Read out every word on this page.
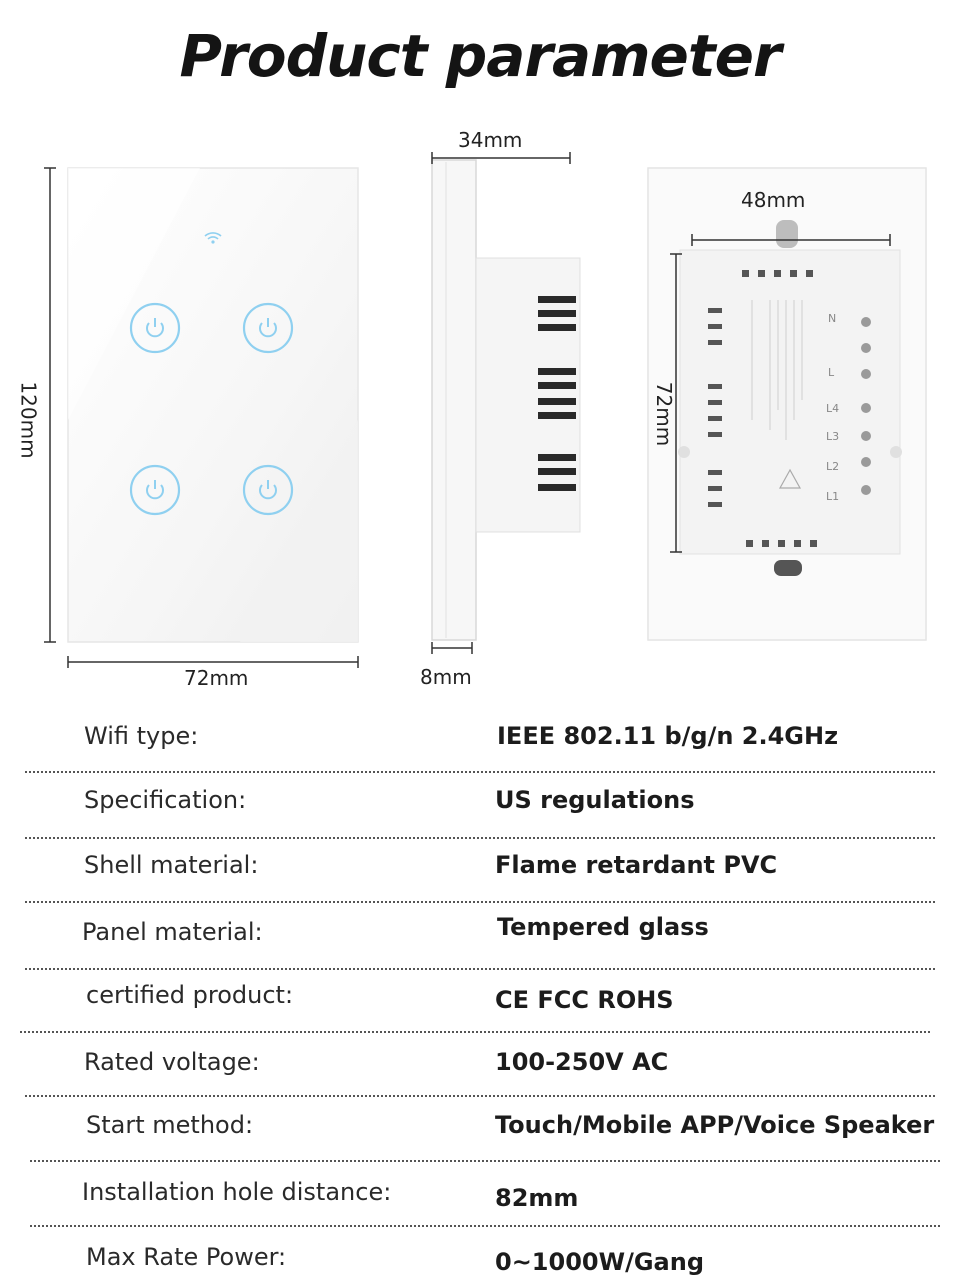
Product parameter
N
L
L4
L3
L2
L1
120mm
72mm
34mm
8mm
48mm
72mm
Wifi type:	IEEE 802.11 b/g/n 2.4GHz
Specification:	US regulations
Shell material:	Flame retardant PVC
Panel material:	Tempered glass
certified product:	CE FCC ROHS
Rated voltage:	100-250V AC
Start method:	Touch/Mobile APP/Voice Speaker
Installation hole distance:	82mm
Max Rate Power:	0~1000W/Gang
